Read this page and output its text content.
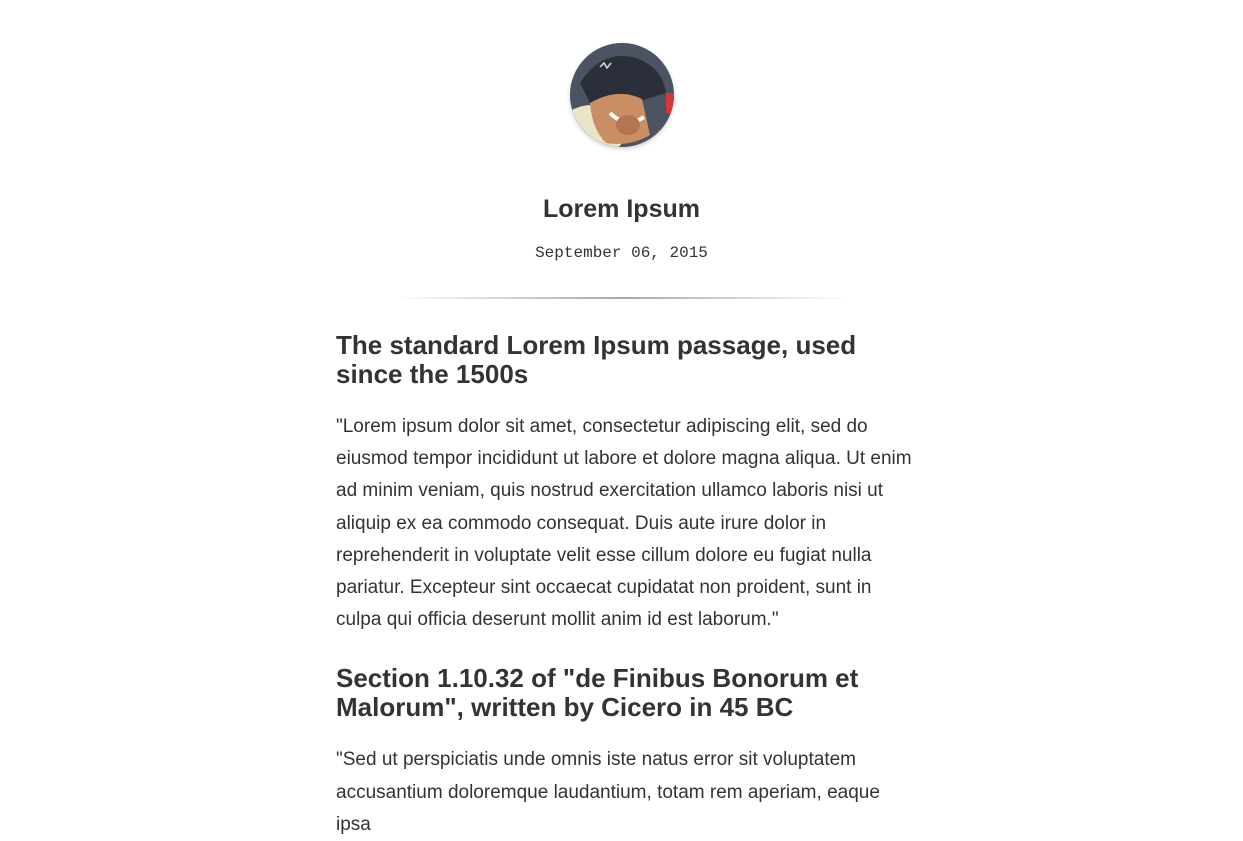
Lorem Ipsum
September 06, 2015
The standard Lorem Ipsum passage, used since the 1500s

"Lorem ipsum dolor sit amet, consectetur adipiscing elit, sed do eiusmod tempor incididunt ut labore et dolore magna aliqua. Ut enim ad minim veniam, quis nostrud exercitation ullamco laboris nisi ut aliquip ex ea commodo consequat. Duis aute irure dolor in reprehenderit in voluptate velit esse cillum dolore eu fugiat nulla pariatur. Excepteur sint occaecat cupidatat non proident, sunt in culpa qui officia deserunt mollit anim id est laborum."

Section 1.10.32 of "de Finibus Bonorum et Malorum", written by Cicero in 45 BC

"Sed ut perspiciatis unde omnis iste natus error sit voluptatem accusantium doloremque laudantium, totam rem aperiam, eaque ipsa
